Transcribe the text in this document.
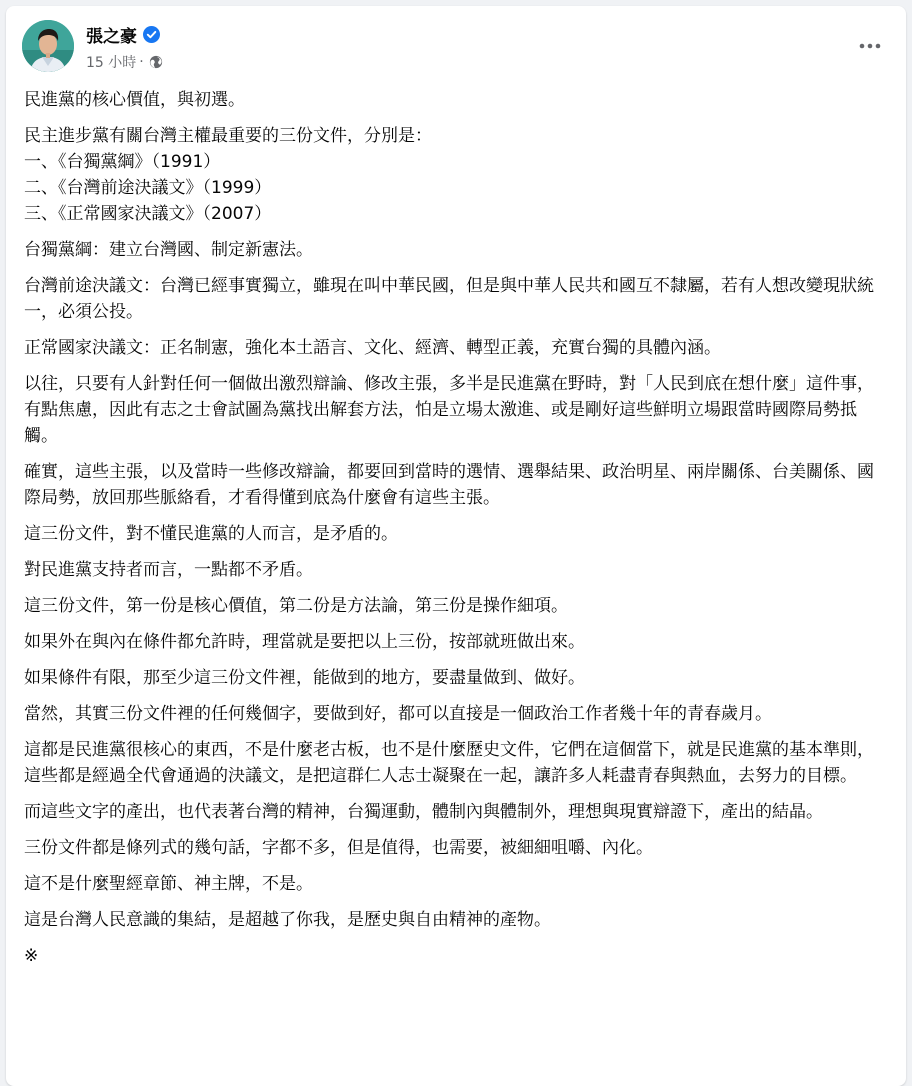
張之豪
15 小時 ·
民進黨的核心價值，與初選。
民主進步黨有關台灣主權最重要的三份文件，分別是：
一、《台獨黨綱》（1991）
二、《台灣前途決議文》（1999）
三、《正常國家決議文》（2007）
台獨黨綱：建立台灣國、制定新憲法。
台灣前途決議文：台灣已經事實獨立，雖現在叫中華民國，但是與中華人民共和國互不隸屬，若有人想改變現狀統一，必須公投。
正常國家決議文：正名制憲，強化本土語言、文化、經濟、轉型正義，充實台獨的具體內涵。
以往，只要有人針對任何一個做出激烈辯論、修改主張，多半是民進黨在野時，對「人民到底在想什麼」這件事，有點焦慮，因此有志之士會試圖為黨找出解套方法，怕是立場太激進、或是剛好這些鮮明立場跟當時國際局勢抵觸。
確實，這些主張，以及當時一些修改辯論，都要回到當時的選情、選舉結果、政治明星、兩岸關係、台美關係、國際局勢，放回那些脈絡看，才看得懂到底為什麼會有這些主張。
這三份文件，對不懂民進黨的人而言，是矛盾的。
對民進黨支持者而言，一點都不矛盾。
這三份文件，第一份是核心價值，第二份是方法論，第三份是操作細項。
如果外在與內在條件都允許時，理當就是要把以上三份，按部就班做出來。
如果條件有限，那至少這三份文件裡，能做到的地方，要盡量做到、做好。
當然，其實三份文件裡的任何幾個字，要做到好，都可以直接是一個政治工作者幾十年的青春歲月。
這都是民進黨很核心的東西，不是什麼老古板，也不是什麼歷史文件，它們在這個當下，就是民進黨的基本準則，這些都是經過全代會通過的決議文，是把這群仁人志士凝聚在一起，讓許多人耗盡青春與熱血，去努力的目標。
而這些文字的產出，也代表著台灣的精神，台獨運動，體制內與體制外，理想與現實辯證下，產出的結晶。
三份文件都是條列式的幾句話，字都不多，但是值得，也需要，被細細咀嚼、內化。
這不是什麼聖經章節、神主牌，不是。
這是台灣人民意識的集結，是超越了你我，是歷史與自由精神的產物。
※
